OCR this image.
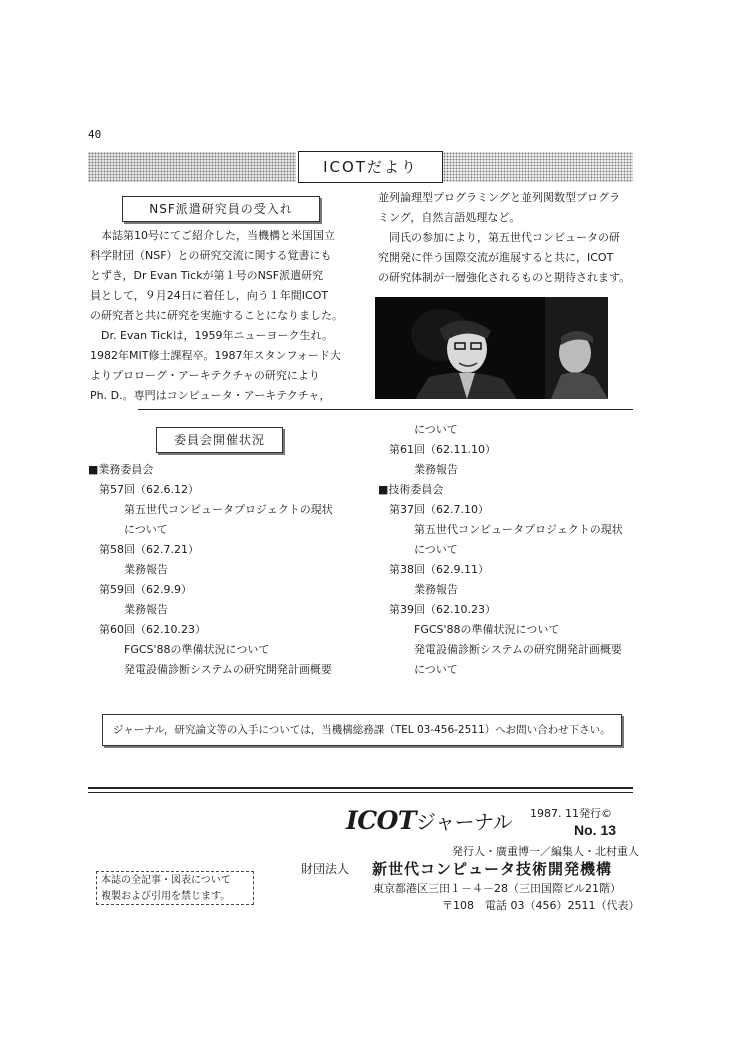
40
ICOTだより
NSF派遣研究員の受入れ
本誌第10号にてご紹介した，当機構と米国国立
科学財団（NSF）との研究交流に関する覚書にも
とずき，Dr Evan Tickが第１号のNSF派遣研究
員として，９月24日に着任し，向う１年間ICOT
の研究者と共に研究を実施することになりました。
Dr. Evan Tickは，1959年ニューヨーク生れ。
1982年MIT修士課程卒。1987年スタンフォード大
よりプロローグ・アーキテクチャの研究により
Ph. D.。専門はコンピュータ・アーキテクチャ，
並列論理型プログラミングと並列関数型プログラ
ミング，自然言語処理など。
同氏の参加により，第五世代コンピュータの研
究開発に伴う国際交流が進展すると共に，ICOT
の研究体制が一層強化されるものと期待されます。
委員会開催状況
■業務委員会
第57回（62.6.12）
第五世代コンピュータプロジェクトの現状
について
第58回（62.7.21）
業務報告
第59回（62.9.9）
業務報告
第60回（62.10.23）
FGCS'88の準備状況について
発電設備診断システムの研究開発計画概要
について
第61回（62.11.10）
業務報告
■技術委員会
第37回（62.7.10）
第五世代コンピュータプロジェクトの現状
について
第38回（62.9.11）
業務報告
第39回（62.10.23）
FGCS'88の準備状況について
発電設備診断システムの研究開発計画概要
について
ジャーナル，研究論文等の入手については，当機構総務課（TEL 03-456-2511）へお問い合わせ下さい。
ICOTジャーナル 1987. 11発行©
No. 13
発行人・廣重博一／編集人・北村重人
財団法人 新世代コンピュータ技術開発機構
東京都港区三田１－４－28（三田国際ビル21階）
〒108　電話 03（456）2511（代表）
本誌の全記事・図表について
複製および引用を禁じます。
